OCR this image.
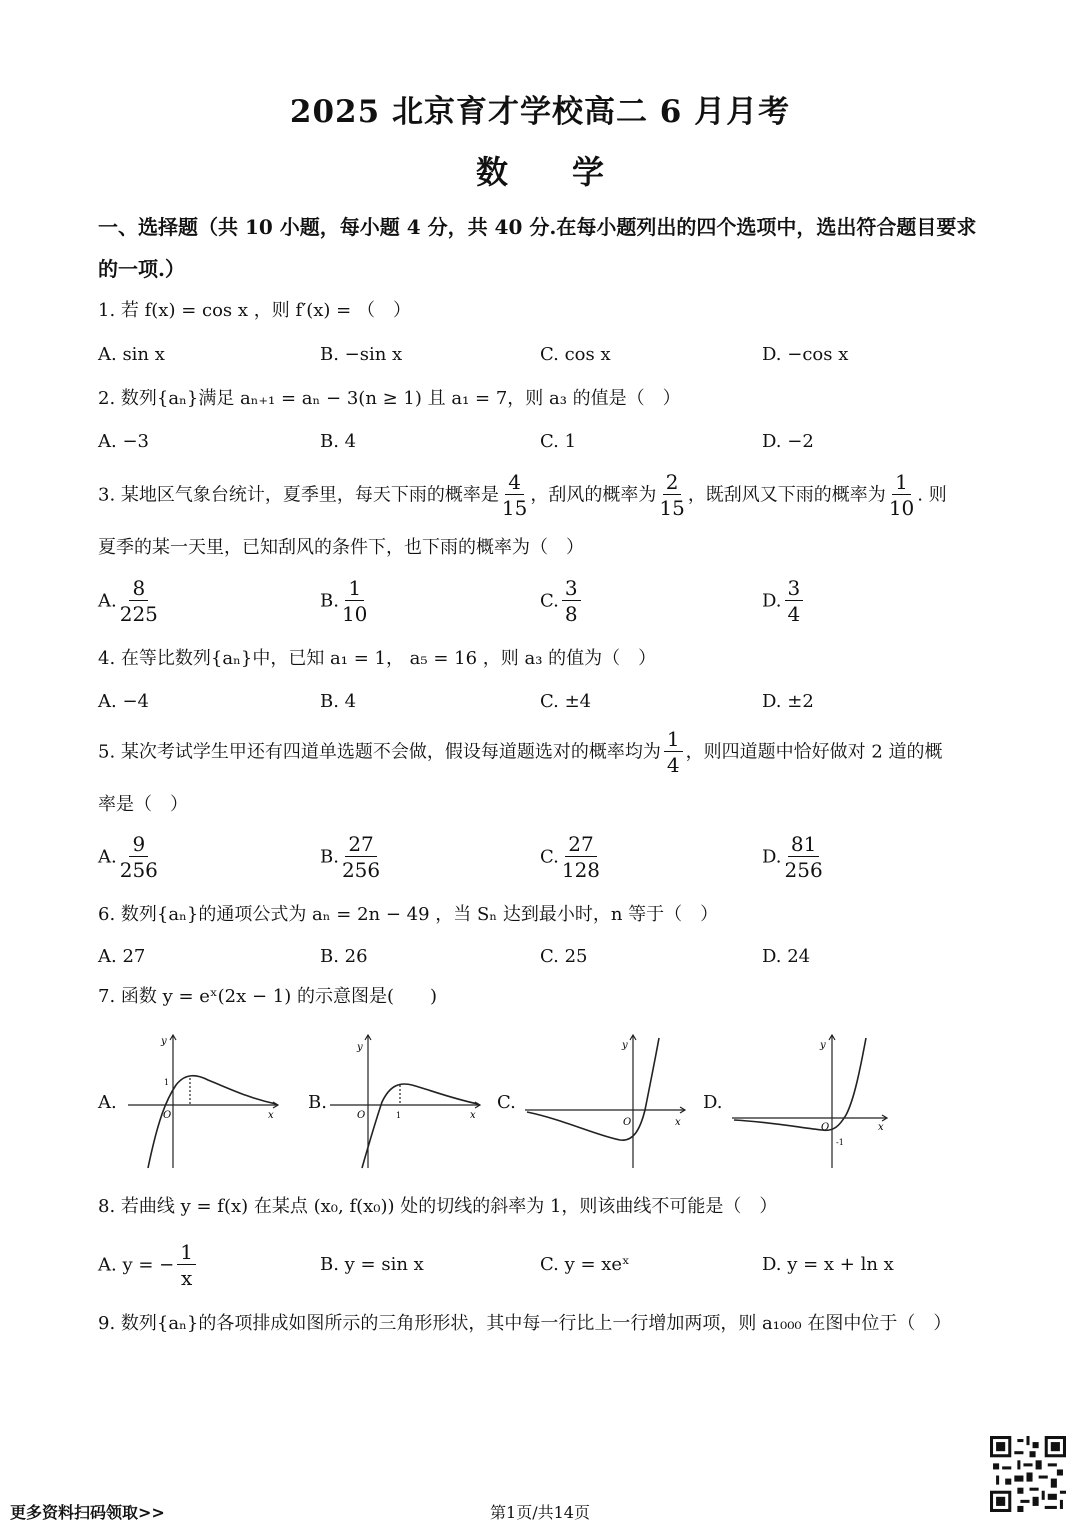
2025 北京育才学校高二 6 月月考
数　　学
一、选择题（共 10 小题，每小题 4 分，共 40 分.在每小题列出的四个选项中，选出符合题目要求的一项.）
1. 若 f(x) = cos x ，则 f′(x) = （　）
A. sin x	B. −sin x	C. cos x	D. −cos x
2. 数列{aₙ}满足 aₙ₊₁ = aₙ − 3(n ≥ 1) 且 a₁ = 7，则 a₃ 的值是（　）
A. −3	B. 4	C. 1	D. −2
3. 某地区气象台统计，夏季里，每天下雨的概率是 $\frac{4}{15}$ ，刮风的概率为 $\frac{2}{15}$ ，既刮风又下雨的概率为 $\frac{1}{10}$ . 则
夏季的某一天里，已知刮风的条件下，也下雨的概率为（　）
A. $\frac{8}{225}$	B. $\frac{1}{10}$	C. $\frac{3}{8}$	D. $\frac{3}{4}$
4. 在等比数列{aₙ}中，已知 a₁ = 1， a₅ = 16 ，则 a₃ 的值为（　）
A. −4	B. 4	C. ±4	D. ±2
5. 某次考试学生甲还有四道单选题不会做，假设每道题选对的概率均为 $\frac{1}{4}$ ，则四道题中恰好做对 2 道的概
率是（　）
A. $\frac{9}{256}$	B. $\frac{27}{256}$	C. $\frac{27}{128}$	D. $\frac{81}{256}$
6. 数列{aₙ}的通项公式为 aₙ = 2n − 49 ，当 Sₙ 达到最小时，n 等于（　）
A. 27	B. 26	C. 25	D. 24
7. 函数 y = eˣ(2x − 1) 的示意图是(　　)
A.	B.	C.	D.
y
x
O
1
y
x
O	1
y
x
O
y
x
O
-1
8. 若曲线 y = f(x) 在某点 (x₀, f(x₀)) 处的切线的斜率为 1，则该曲线不可能是（　）
A. y = − $\frac{1}{x}$	B. y = sin x	C. y = xeˣ	D. y = x + ln x
9. 数列{aₙ}的各项排成如图所示的三角形形状，其中每一行比上一行增加两项，则 a₁₀₀₀ 在图中位于（　）
更多资料扫码领取>>	第1页/共14页
